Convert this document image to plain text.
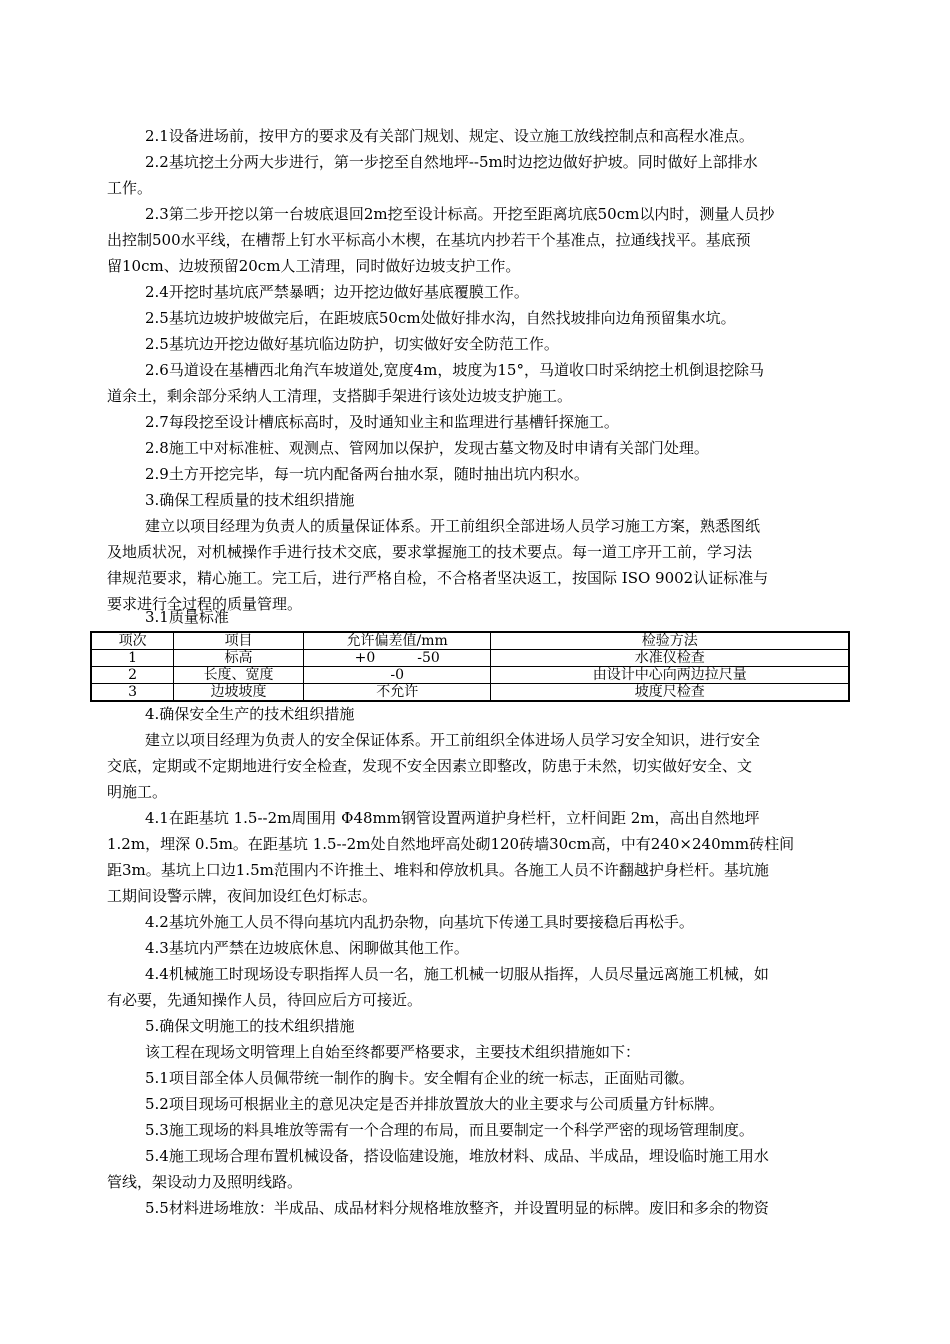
2.1设备进场前，按甲方的要求及有关部门规划、规定、设立施工放线控制点和高程水准点。
2.2基坑挖土分两大步进行，第一步挖至自然地坪--5m时边挖边做好护坡。同时做好上部排水
工作。
2.3第二步开挖以第一台坡底退回2m挖至设计标高。开挖至距离坑底50cm以内时，测量人员抄
出控制500水平线，在槽帮上钉水平标高小木楔，在基坑内抄若干个基准点，拉通线找平。基底预
留10cm、边坡预留20cm人工清理，同时做好边坡支护工作。
2.4开挖时基坑底严禁暴晒；边开挖边做好基底覆膜工作。
2.5基坑边坡护坡做完后，在距坡底50cm处做好排水沟，自然找坡排向边角预留集水坑。
2.5基坑边开挖边做好基坑临边防护，切实做好安全防范工作。
2.6马道设在基槽西北角汽车坡道处,宽度4m，坡度为15°，马道收口时采纳挖土机倒退挖除马
道余土，剩余部分采纳人工清理，支搭脚手架进行该处边坡支护施工。
2.7每段挖至设计槽底标高时，及时通知业主和监理进行基槽钎探施工。
2.8施工中对标准桩、观测点、管网加以保护，发现古墓文物及时申请有关部门处理。
2.9土方开挖完毕，每一坑内配备两台抽水泵，随时抽出坑内积水。
3.确保工程质量的技术组织措施
建立以项目经理为负责人的质量保证体系。开工前组织全部进场人员学习施工方案，熟悉图纸
及地质状况，对机械操作手进行技术交底，要求掌握施工的技术要点。每一道工序开工前，学习法
律规范要求，精心施工。完工后，进行严格自检，不合格者坚决返工，按国际 ISO 9002认证标准与
要求进行全过程的质量管理。
3.1质量标准
项次	项目	允许偏差值/mm	检验方法
1	标高	+0　　　-50	水准仪检查
2	长度、宽度	-0	由设计中心向两边拉尺量
3	边坡坡度	不允许	坡度尺检查
4.确保安全生产的技术组织措施
建立以项目经理为负责人的安全保证体系。开工前组织全体进场人员学习安全知识，进行安全
交底，定期或不定期地进行安全检查，发现不安全因素立即整改，防患于未然，切实做好安全、文
明施工。
4.1在距基坑 1.5--2m周围用 Φ48mm钢管设置两道护身栏杆，立杆间距 2m，高出自然地坪
1.2m，埋深 0.5m。在距基坑 1.5--2m处自然地坪高处砌120砖墙30cm高，中有240×240mm砖柱间
距3m。基坑上口边1.5m范围内不许推土、堆料和停放机具。各施工人员不许翻越护身栏杆。基坑施
工期间设警示牌，夜间加设红色灯标志。
4.2基坑外施工人员不得向基坑内乱扔杂物，向基坑下传递工具时要接稳后再松手。
4.3基坑内严禁在边坡底休息、闲聊做其他工作。
4.4机械施工时现场设专职指挥人员一名，施工机械一切服从指挥，人员尽量远离施工机械，如
有必要，先通知操作人员，待回应后方可接近。
5.确保文明施工的技术组织措施
该工程在现场文明管理上自始至终都要严格要求，主要技术组织措施如下：
5.1项目部全体人员佩带统一制作的胸卡。安全帽有企业的统一标志，正面贴司徽。
5.2项目现场可根据业主的意见决定是否并排放置放大的业主要求与公司质量方针标牌。
5.3施工现场的料具堆放等需有一个合理的布局，而且要制定一个科学严密的现场管理制度。
5.4施工现场合理布置机械设备，搭设临建设施，堆放材料、成品、半成品，埋设临时施工用水
管线，架设动力及照明线路。
5.5材料进场堆放：半成品、成品材料分规格堆放整齐，并设置明显的标牌。废旧和多余的物资
